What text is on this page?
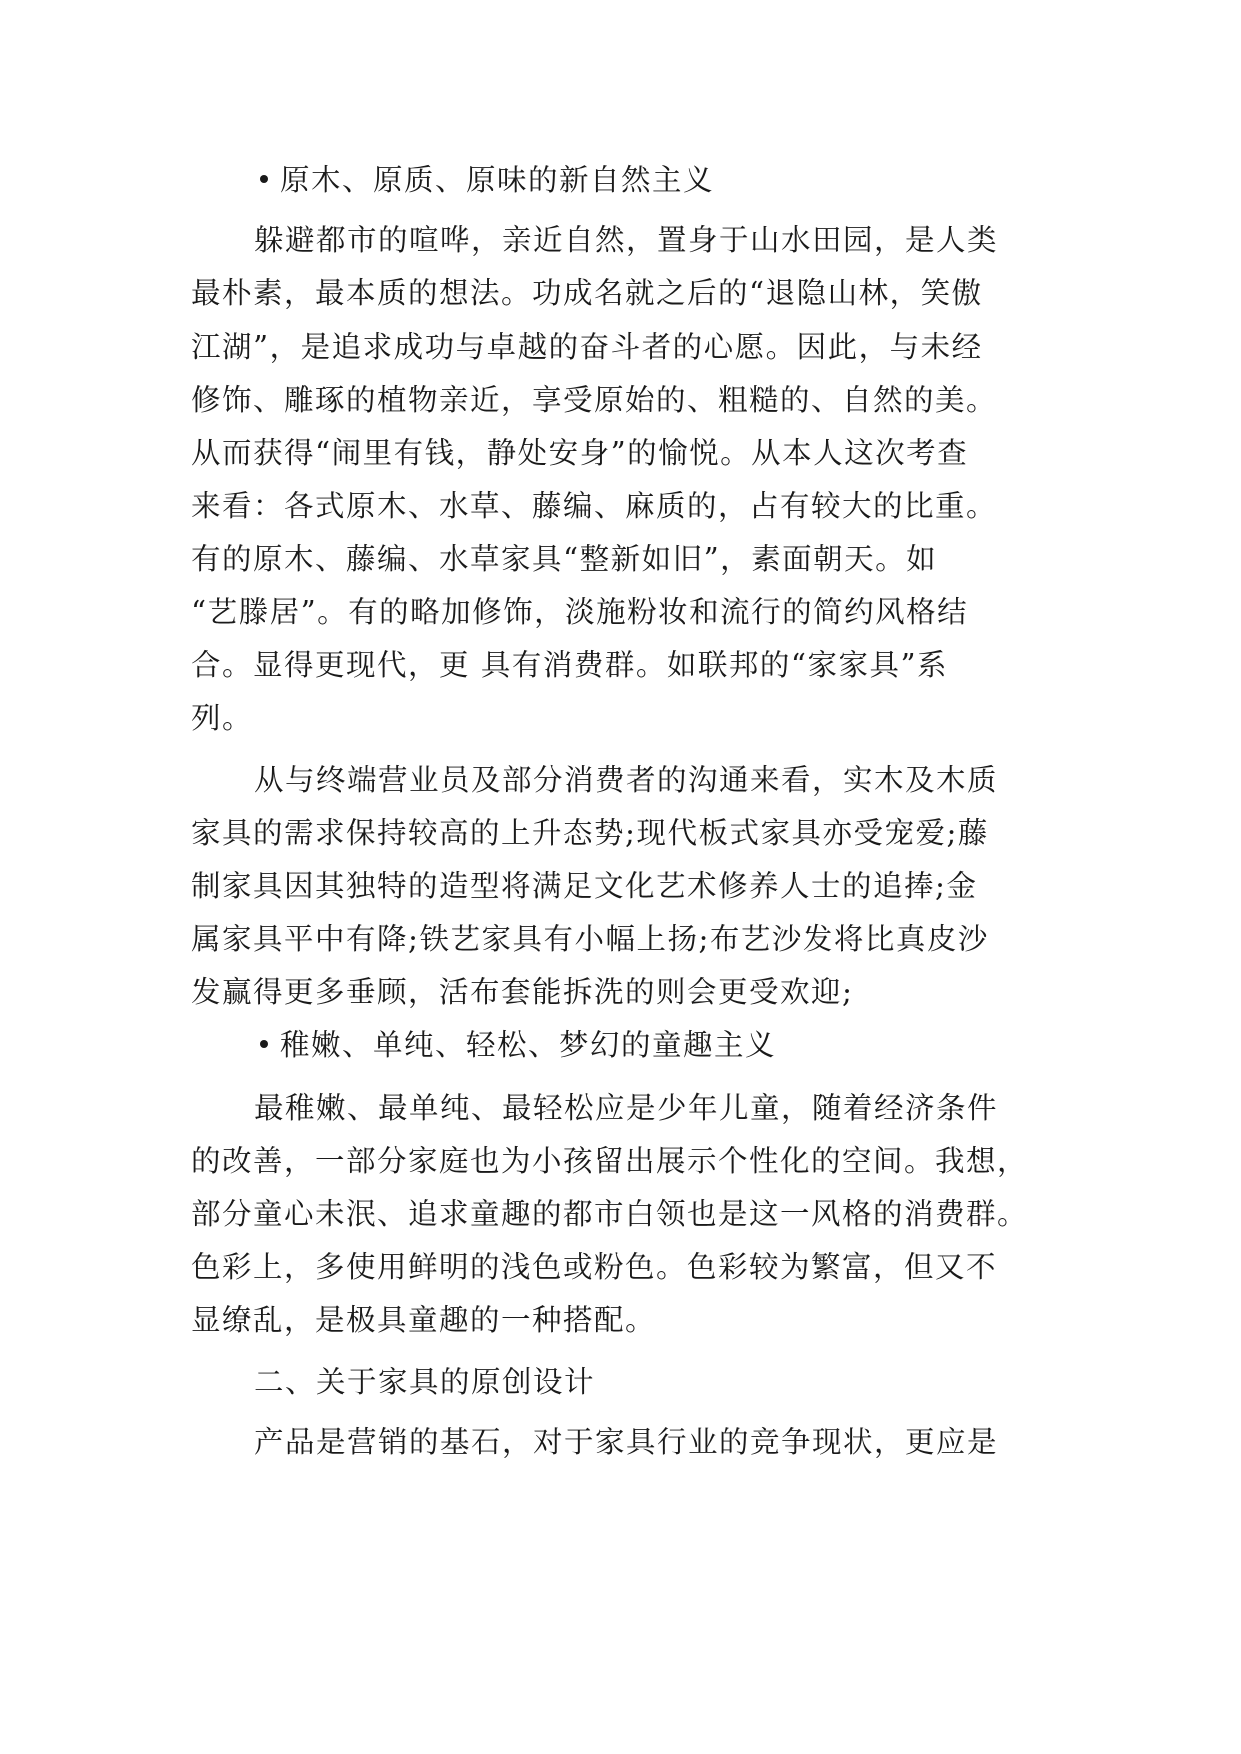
原木、原质、原味的新自然主义
躲避都市的喧哗，亲近自然，置身于山水田园，是人类
最朴素，最本质的想法。功成名就之后的“退隐山林，笑傲
江湖”，是追求成功与卓越的奋斗者的心愿。因此，与未经
修饰、雕琢的植物亲近，享受原始的、粗糙的、自然的美。
从而获得“闹里有钱，静处安身”的愉悦。从本人这次考查
来看：各式原木、水草、藤编、麻质的，占有较大的比重。
有的原木、藤编、水草家具“整新如旧”，素面朝天。如
“艺滕居”。有的略加修饰，淡施粉妆和流行的简约风格结
合。显得更现代，更 具有消费群。如联邦的“家家具”系
列。
从与终端营业员及部分消费者的沟通来看，实木及木质
家具的需求保持较高的上升态势;现代板式家具亦受宠爱;藤
制家具因其独特的造型将满足文化艺术修养人士的追捧;金
属家具平中有降;铁艺家具有小幅上扬;布艺沙发将比真皮沙
发赢得更多垂顾，活布套能拆洗的则会更受欢迎;
稚嫩、单纯、轻松、梦幻的童趣主义
最稚嫩、最单纯、最轻松应是少年儿童，随着经济条件
的改善，一部分家庭也为小孩留出展示个性化的空间。我想，
部分童心未泯、追求童趣的都市白领也是这一风格的消费群。
色彩上，多使用鲜明的浅色或粉色。色彩较为繁富，但又不
显缭乱，是极具童趣的一种搭配。
二、关于家具的原创设计
产品是营销的基石，对于家具行业的竞争现状，更应是
